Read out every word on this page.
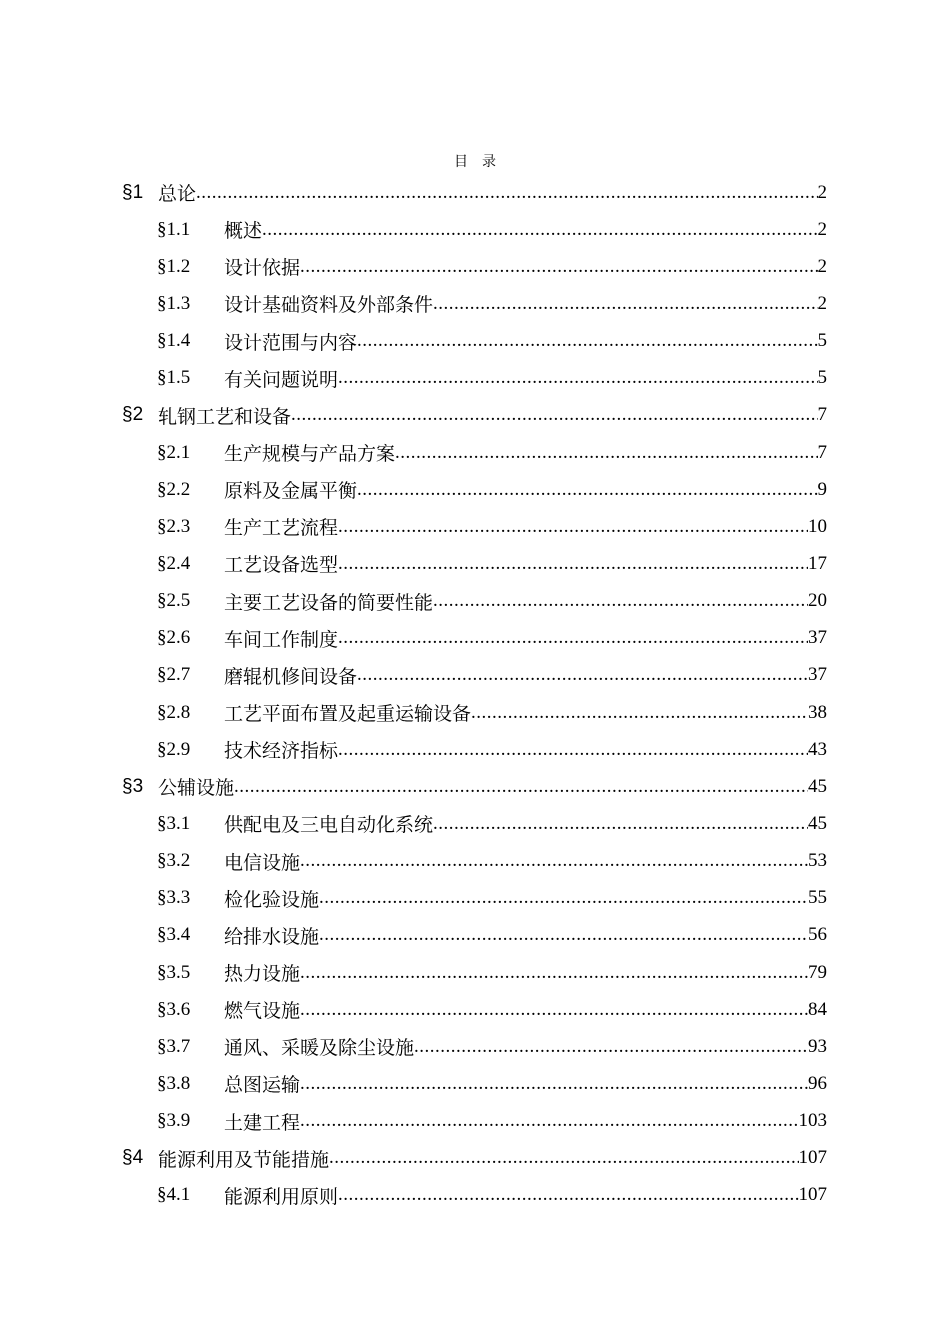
目　录
§1 总论 .....	2
§1.1	概述 .....	2
§1.2	设计依据 .....	2
§1.3	设计基础资料及外部条件 .....	2
§1.4	设计范围与内容 .....	5
§1.5	有关问题说明 .....	5
§2 轧钢工艺和设备 .....	7
§2.1	生产规模与产品方案 .....	7
§2.2	原料及金属平衡 .....	9
§2.3	生产工艺流程 .....	10
§2.4	工艺设备选型 .....	17
§2.5	主要工艺设备的简要性能 .....	20
§2.6	车间工作制度 .....	37
§2.7	磨辊机修间设备 .....	37
§2.8	工艺平面布置及起重运输设备 .....	38
§2.9	技术经济指标 .....	43
§3 公辅设施 .....	45
§3.1	供配电及三电自动化系统 .....	45
§3.2	电信设施 .....	53
§3.3	检化验设施 .....	55
§3.4	给排水设施 .....	56
§3.5	热力设施 .....	79
§3.6	燃气设施 .....	84
§3.7	通风、采暖及除尘设施 .....	93
§3.8	总图运输 .....	96
§3.9	土建工程 .....	103
§4 能源利用及节能措施 .....	107
§4.1	能源利用原则 .....	107
